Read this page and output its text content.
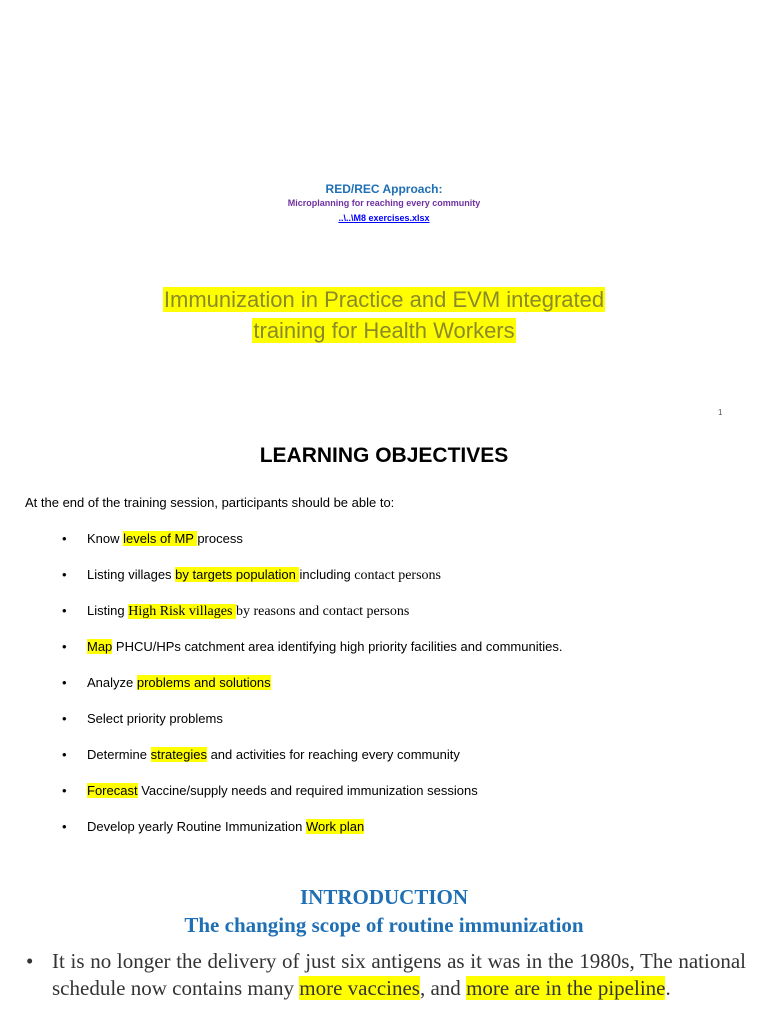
RED/REC Approach:
Microplanning for reaching every community
..\..\M8 exercises.xlsx
Immunization in Practice and EVM integrated
training for Health Workers
1
LEARNING OBJECTIVES
At the end of the training session, participants should be able to:
• Know levels of MP process
• Listing villages by targets population including contact persons
• Listing High Risk villages by reasons and contact persons
• Map PHCU/HPs catchment area identifying high priority facilities and communities.
• Analyze problems and solutions
• Select priority problems
• Determine strategies and activities for reaching every community
• Forecast Vaccine/supply needs and required immunization sessions
• Develop yearly Routine Immunization Work plan
INTRODUCTION
The changing scope of routine immunization
• It is no longer the delivery of just six antigens as it was in the 1980s, The national schedule now contains many more vaccines, and more are in the pipeline.
